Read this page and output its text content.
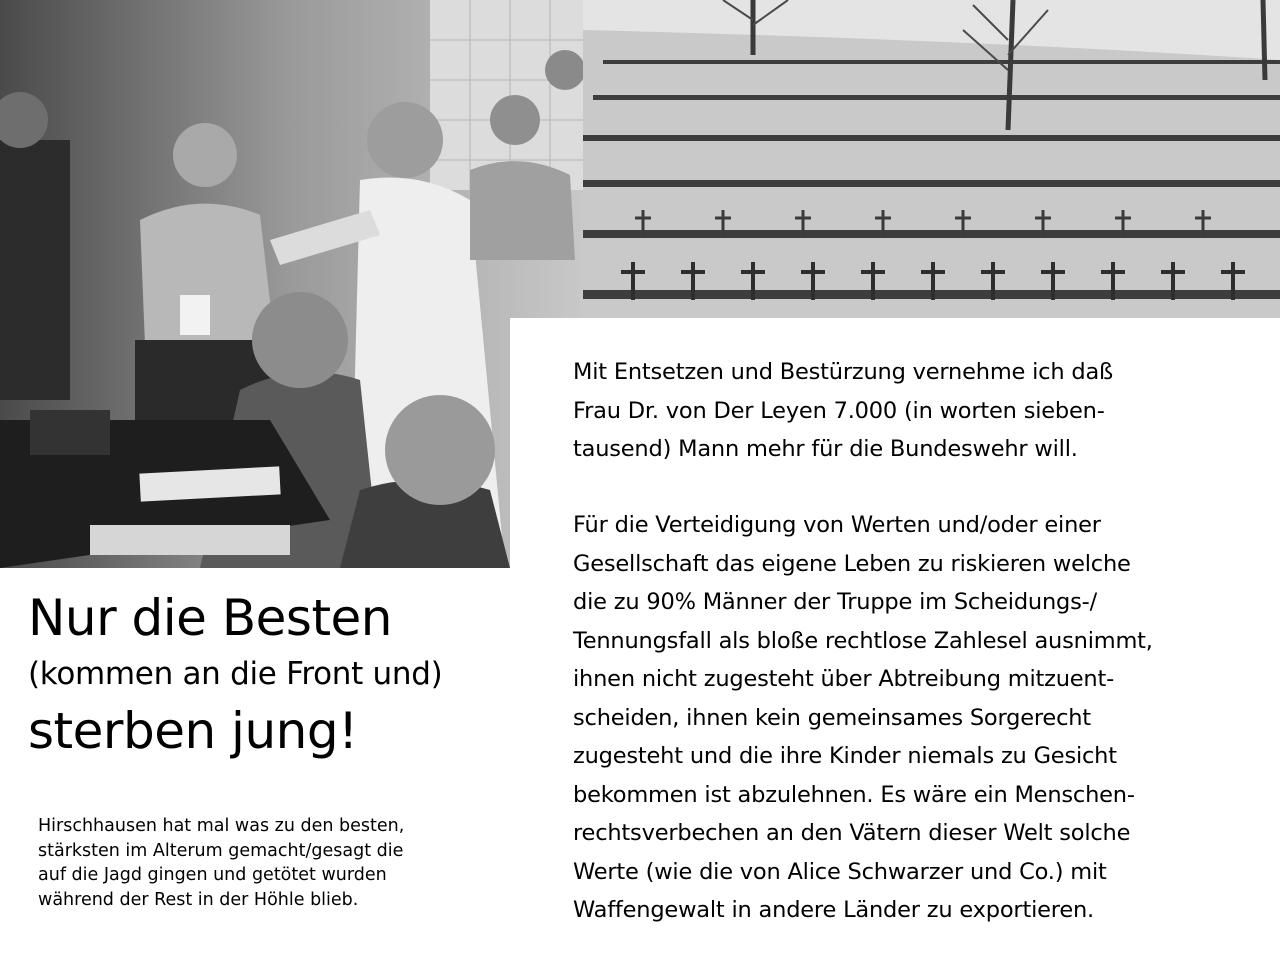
Nur die Besten
(kommen an die Front und)
sterben jung!

Hirschhausen hat mal was zu den besten,
stärksten im Alterum gemacht/gesagt die
auf die Jagd gingen und getötet wurden
während der Rest in der Höhle blieb.

Mit Entsetzen und Bestürzung vernehme ich daß
Frau Dr. von Der Leyen 7.000 (in worten sieben-
tausend) Mann mehr für die Bundeswehr will.

Für die Verteidigung von Werten und/oder einer
Gesellschaft das eigene Leben zu riskieren welche
die zu 90% Männer der Truppe im Scheidungs-/
Tennungsfall als bloße rechtlose Zahlesel ausnimmt,
ihnen nicht zugesteht über Abtreibung mitzuent-
scheiden, ihnen kein gemeinsames Sorgerecht
zugesteht und die ihre Kinder niemals zu Gesicht
bekommen ist abzulehnen. Es wäre ein Menschen-
rechtsverbechen an den Vätern dieser Welt solche
Werte (wie die von Alice Schwarzer und Co.) mit
Waffengewalt in andere Länder zu exportieren.
